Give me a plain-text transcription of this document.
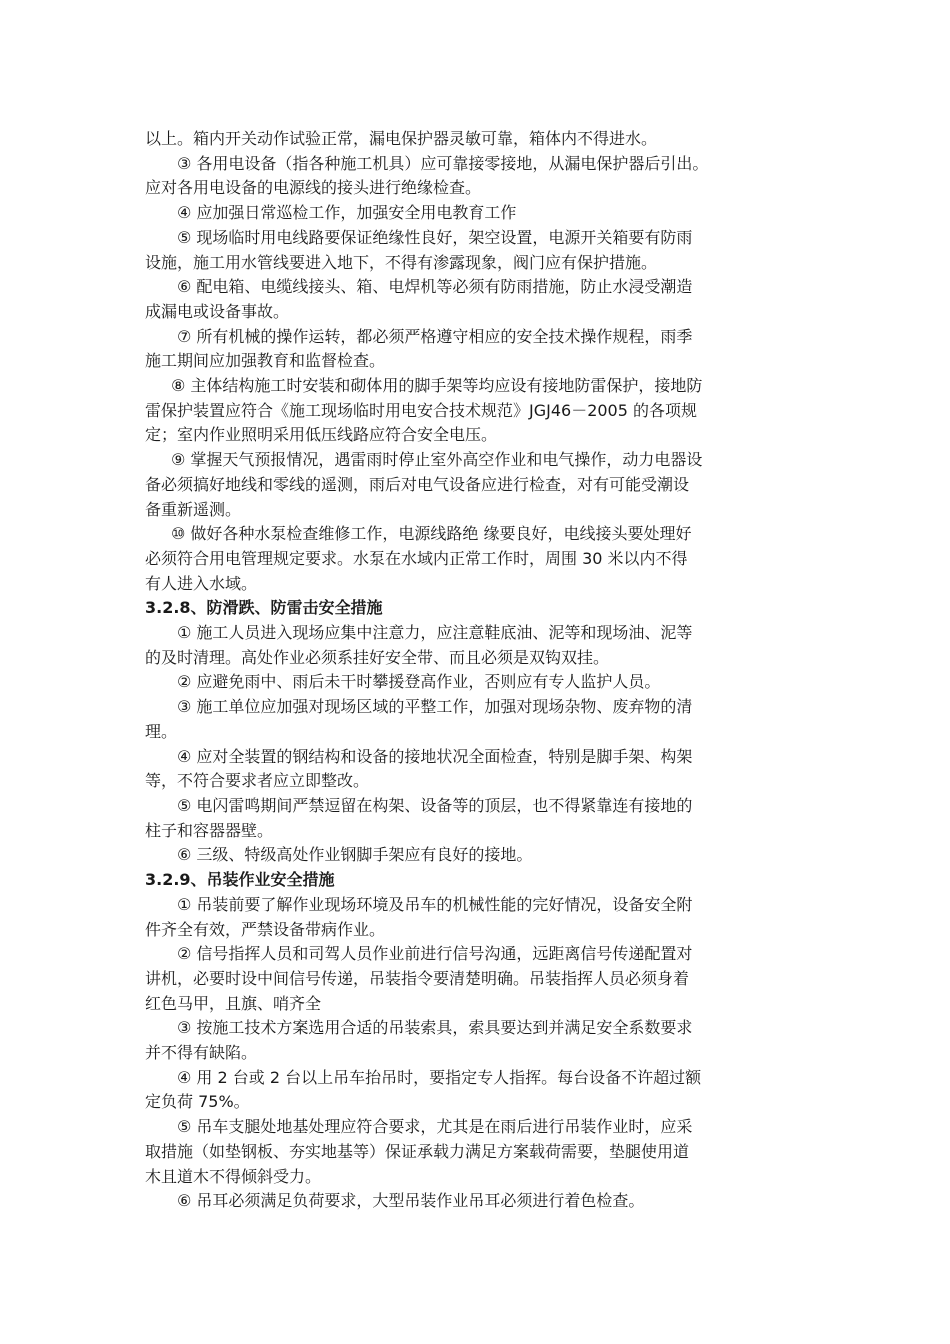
以上。箱内开关动作试验正常，漏电保护器灵敏可靠，箱体内不得进水。
③ 各用电设备（指各种施工机具）应可靠接零接地，从漏电保护器后引出。
应对各用电设备的电源线的接头进行绝缘检查。
④ 应加强日常巡检工作，加强安全用电教育工作
⑤ 现场临时用电线路要保证绝缘性良好，架空设置，电源开关箱要有防雨
设施，施工用水管线要进入地下，不得有渗露现象，阀门应有保护措施。
⑥ 配电箱、电缆线接头、箱、电焊机等必须有防雨措施，防止水浸受潮造
成漏电或设备事故。
⑦ 所有机械的操作运转，都必须严格遵守相应的安全技术操作规程，雨季
施工期间应加强教育和监督检查。
⑧ 主体结构施工时安装和砌体用的脚手架等均应设有接地防雷保护，接地防
雷保护装置应符合《施工现场临时用电安合技术规范》JGJ46－2005 的各项规
定；室内作业照明采用低压线路应符合安全电压。
⑨ 掌握天气预报情况，遇雷雨时停止室外高空作业和电气操作，动力电器设
备必须搞好地线和零线的遥测，雨后对电气设备应进行检查，对有可能受潮设
备重新遥测。
⑩ 做好各种水泵检查维修工作，电源线路绝 缘要良好，电线接头要处理好
必须符合用电管理规定要求。水泵在水域内正常工作时，周围 30 米以内不得
有人进入水域。
3.2.8、防滑跌、防雷击安全措施
① 施工人员进入现场应集中注意力，应注意鞋底油、泥等和现场油、泥等
的及时清理。高处作业必须系挂好安全带、而且必须是双钩双挂。
② 应避免雨中、雨后未干时攀援登高作业，否则应有专人监护人员。
③ 施工单位应加强对现场区域的平整工作，加强对现场杂物、废弃物的清
理。
④ 应对全装置的钢结构和设备的接地状况全面检查，特别是脚手架、构架
等，不符合要求者应立即整改。
⑤ 电闪雷鸣期间严禁逗留在构架、设备等的顶层，也不得紧靠连有接地的
柱子和容器器壁。
⑥ 三级、特级高处作业钢脚手架应有良好的接地。
3.2.9、吊装作业安全措施
① 吊装前要了解作业现场环境及吊车的机械性能的完好情况，设备安全附
件齐全有效，严禁设备带病作业。
② 信号指挥人员和司驾人员作业前进行信号沟通，远距离信号传递配置对
讲机，必要时设中间信号传递，吊装指令要清楚明确。吊装指挥人员必须身着
红色马甲，且旗、哨齐全
③ 按施工技术方案选用合适的吊装索具，索具要达到并满足安全系数要求
并不得有缺陷。
④ 用 2 台或 2 台以上吊车抬吊时，要指定专人指挥。每台设备不许超过额
定负荷 75%。
⑤ 吊车支腿处地基处理应符合要求，尤其是在雨后进行吊装作业时，应采
取措施（如垫钢板、夯实地基等）保证承载力满足方案载荷需要，垫腿使用道
木且道木不得倾斜受力。
⑥ 吊耳必须满足负荷要求，大型吊装作业吊耳必须进行着色检查。
